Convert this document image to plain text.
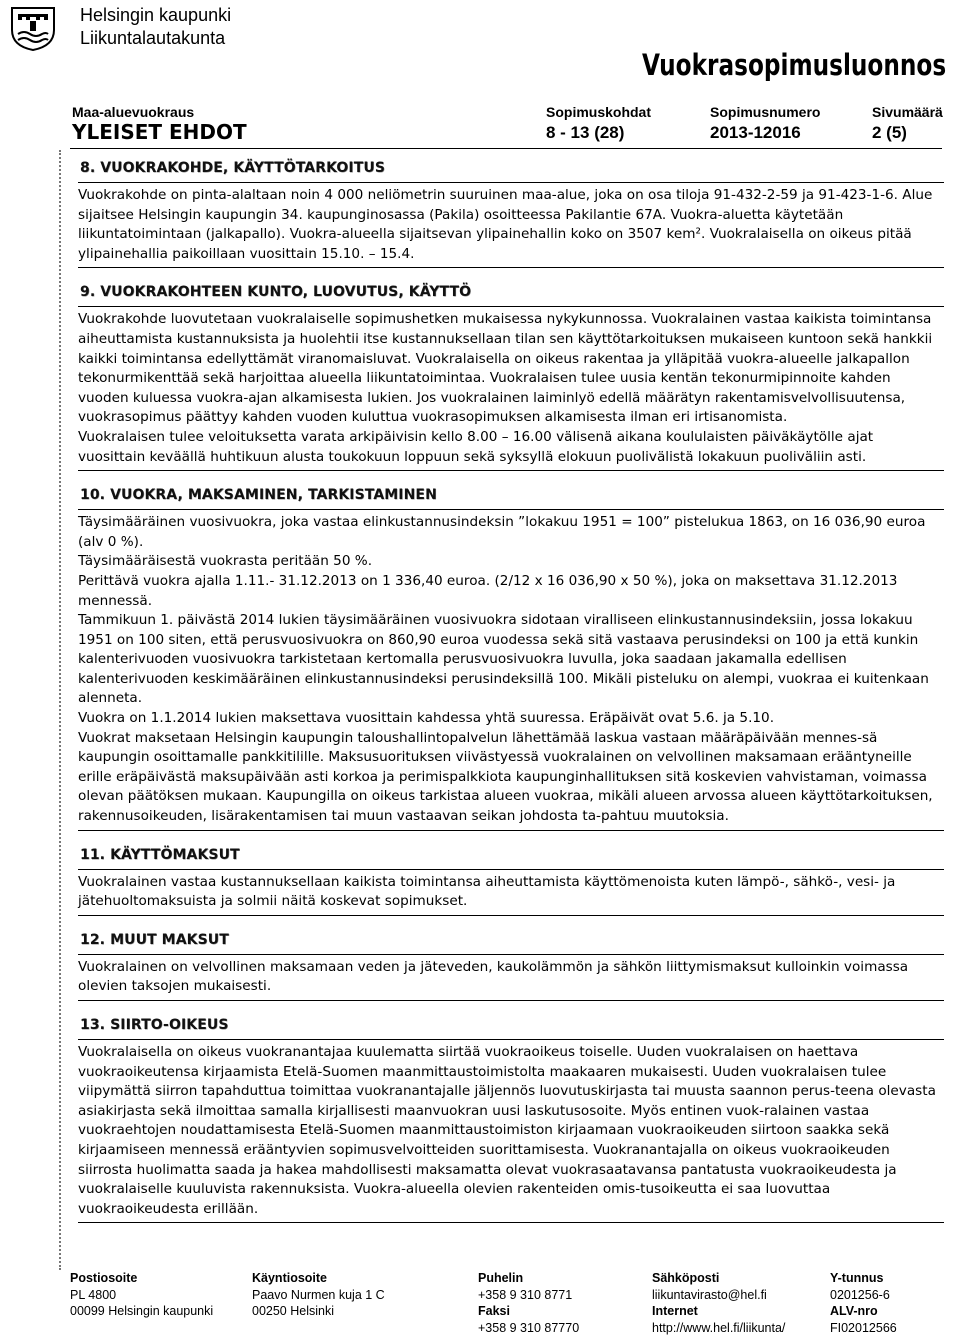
Helsingin kaupunki
Liikuntalautakunta
Vuokrasopimusluonnos
Maa-aluevuokraus
YLEISET EHDOT
Sopimuskohdat
8 - 13 (28)
Sopimusnumero
2013-12016
Sivumäärä
2 (5)
8. VUOKRAKOHDE, KÄYTTÖTARKOITUS

Vuokrakohde on pinta-alaltaan noin 4 000 neliömetrin suuruinen maa-alue, joka on osa tiloja 91-432-2-59 ja 91-423-1-6. Alue sijaitsee Helsingin kaupungin 34. kaupunginosassa (Pakila) osoitteessa Pakilantie 67A. Vuokra-aluetta käytetään liikuntatoimintaan (jalkapallo). Vuokra-alueella sijaitsevan ylipainehallin koko on 3507 kem². Vuokralaisella on oikeus pitää ylipainehallia paikoillaan vuosittain 15.10. – 15.4.

9. VUOKRAKOHTEEN KUNTO, LUOVUTUS, KÄYTTÖ

Vuokrakohde luovutetaan vuokralaiselle sopimushetken mukaisessa nykykunnossa. Vuokralainen vastaa kaikista toimintansa aiheuttamista kustannuksista ja huolehtii itse kustannuksellaan tilan sen käyttötarkoituksen mukaiseen kuntoon sekä hankkii kaikki toimintansa edellyttämät viranomaisluvat. Vuokralaisella on oikeus rakentaa ja ylläpitää vuokra-alueelle jalkapallon tekonurmikenttää sekä harjoittaa alueella liikuntatoimintaa. Vuokralaisen tulee uusia kentän tekonurmipinnoite kahden vuoden kuluessa vuokra-ajan alkamisesta lukien. Jos vuokralainen laiminlyö edellä määrätyn rakentamisvelvollisuutensa, vuokrasopimus päättyy kahden vuoden kuluttua vuokrasopimuksen alkamisesta ilman eri irtisanomista.

Vuokralaisen tulee veloituksetta varata arkipäivisin kello 8.00 – 16.00 välisenä aikana koululaisten päiväkäytölle ajat vuosittain keväällä huhtikuun alusta toukokuun loppuun sekä syksyllä elokuun puolivälistä lokakuun puoliväliin asti.

10. VUOKRA, MAKSAMINEN, TARKISTAMINEN

Täysimääräinen vuosivuokra, joka vastaa elinkustannusindeksin ”lokakuu 1951 = 100” pistelukua 1863, on 16 036,90 euroa (alv 0 %).

Täysimääräisestä vuokrasta peritään 50 %.

Perittävä vuokra ajalla 1.11.- 31.12.2013 on 1 336,40 euroa. (2/12 x 16 036,90 x 50 %), joka on maksettava 31.12.2013 mennessä.

Tammikuun 1. päivästä 2014 lukien täysimääräinen vuosivuokra sidotaan viralliseen elinkustannusindeksiin, jossa lokakuu 1951 on 100 siten, että perusvuosivuokra on 860,90 euroa vuodessa sekä sitä vastaava perusindeksi on 100 ja että kunkin kalenterivuoden vuosivuokra tarkistetaan kertomalla perusvuosivuokra luvulla, joka saadaan jakamalla edellisen kalenterivuoden keskimääräinen elinkustannusindeksi perusindeksillä 100. Mikäli pisteluku on alempi, vuokraa ei kuitenkaan alenneta.

Vuokra on 1.1.2014 lukien maksettava vuosittain kahdessa yhtä suuressa. Eräpäivät ovat 5.6. ja 5.10.

Vuokrat maksetaan Helsingin kaupungin taloushallintopalvelun lähettämää laskua vastaan määräpäivään mennes-sä kaupungin osoittamalle pankkitilille. Maksusuorituksen viivästyessä vuokralainen on velvollinen maksamaan erääntyneille erille eräpäivästä maksupäivään asti korkoa ja perimispalkkiota kaupunginhallituksen sitä koskevien vahvistaman, voimassa olevan päätöksen mukaan. Kaupungilla on oikeus tarkistaa alueen vuokraa, mikäli alueen arvossa alueen käyttötarkoituksen, rakennusoikeuden, lisärakentamisen tai muun vastaavan seikan johdosta ta-pahtuu muutoksia.

11. KÄYTTÖMAKSUT

Vuokralainen vastaa kustannuksellaan kaikista toimintansa aiheuttamista käyttömenoista kuten lämpö-, sähkö-, vesi- ja jätehuoltomaksuista ja solmii näitä koskevat sopimukset.

12. MUUT MAKSUT

Vuokralainen on velvollinen maksamaan veden ja jäteveden, kaukolämmön ja sähkön liittymismaksut kulloinkin voimassa olevien taksojen mukaisesti.

13. SIIRTO-OIKEUS

Vuokralaisella on oikeus vuokranantajaa kuulematta siirtää vuokraoikeus toiselle. Uuden vuokralaisen on haettava vuokraoikeutensa kirjaamista Etelä-Suomen maanmittaustoimistolta maakaaren mukaisesti. Uuden vuokralaisen tulee viipymättä siirron tapahduttua toimittaa vuokranantajalle jäljennös luovutuskirjasta tai muusta saannon perus-teena olevasta asiakirjasta sekä ilmoittaa samalla kirjallisesti maanvuokran uusi laskutusosoite. Myös entinen vuok-ralainen vastaa vuokraehtojen noudattamisesta Etelä-Suomen maanmittaustoimiston kirjaamaan vuokraoikeuden siirtoon saakka sekä kirjaamiseen mennessä erääntyvien sopimusvelvoitteiden suorittamisesta. Vuokranantajalla on oikeus vuokraoikeuden siirrosta huolimatta saada ja hakea mahdollisesti maksamatta olevat vuokrasaatavansa pantatusta vuokraoikeudesta ja vuokralaiselle kuuluvista rakennuksista. Vuokra-alueella olevien rakenteiden omis-tusoikeutta ei saa luovuttaa vuokraoikeudesta erillään.

Postiosoite
PL 4800
00099 Helsingin kaupunki
Käyntiosoite
Paavo Nurmen kuja 1 C
00250 Helsinki
Puhelin
+358 9 310 8771
Faksi
+358 9 310 87770
Sähköposti
liikuntavirasto@hel.fi
Internet
http://www.hel.fi/liikunta/
Y-tunnus
0201256-6
ALV-nro
FI02012566
